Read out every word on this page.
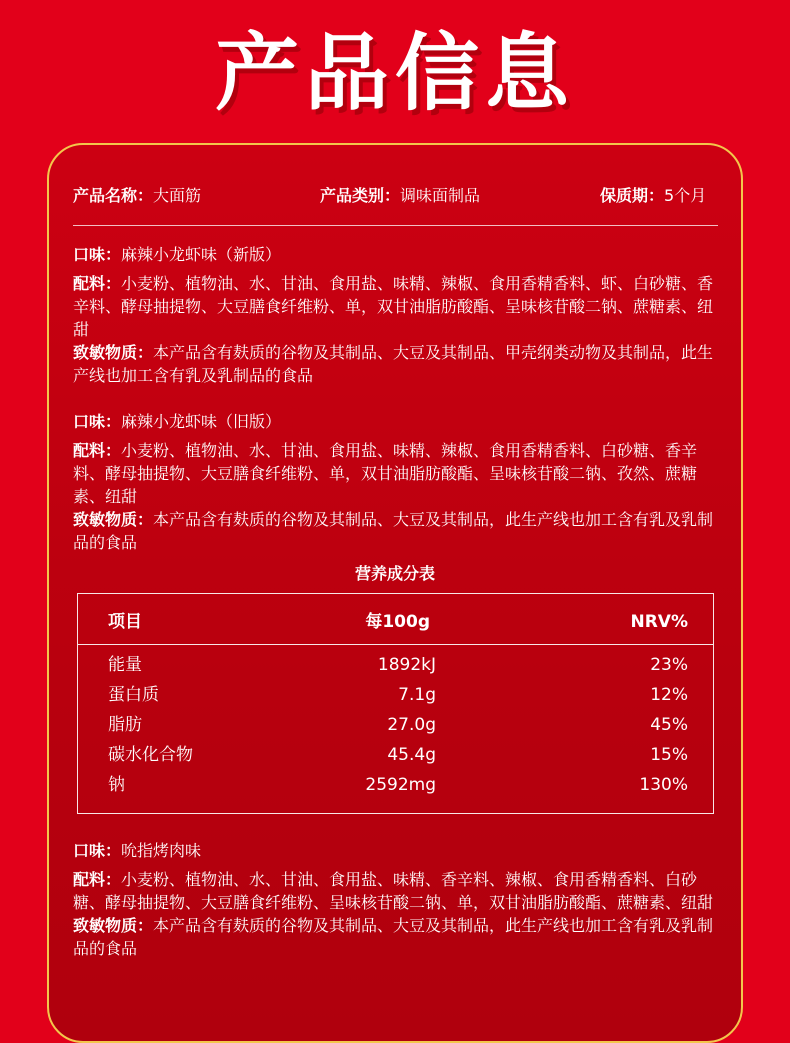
产品信息
产品名称：大面筋	产品类别：调味面制品	保质期：5个月

口味：麻辣小龙虾味（新版）

配料：小麦粉、植物油、水、甘油、食用盐、味精、辣椒、食用香精香料、虾、白砂糖、香辛料、酵母抽提物、大豆膳食纤维粉、单，双甘油脂肪酸酯、呈味核苷酸二钠、蔗糖素、纽甜

致敏物质：本产品含有麸质的谷物及其制品、大豆及其制品、甲壳纲类动物及其制品，此生产线也加工含有乳及乳制品的食品

口味：麻辣小龙虾味（旧版）

配料：小麦粉、植物油、水、甘油、食用盐、味精、辣椒、食用香精香料、白砂糖、香辛料、酵母抽提物、大豆膳食纤维粉、单，双甘油脂肪酸酯、呈味核苷酸二钠、孜然、蔗糖素、纽甜

致敏物质：本产品含有麸质的谷物及其制品、大豆及其制品，此生产线也加工含有乳及乳制品的食品

营养成分表
项目	每100g	NRV%
能量	1892kJ	23%
蛋白质	7.1g	12%
脂肪	27.0g	45%
碳水化合物	45.4g	15%
钠	2592mg	130%

口味：吮指烤肉味

配料：小麦粉、植物油、水、甘油、食用盐、味精、香辛料、辣椒、食用香精香料、白砂糖、酵母抽提物、大豆膳食纤维粉、呈味核苷酸二钠、单，双甘油脂肪酸酯、蔗糖素、纽甜

致敏物质：本产品含有麸质的谷物及其制品、大豆及其制品，此生产线也加工含有乳及乳制品的食品
